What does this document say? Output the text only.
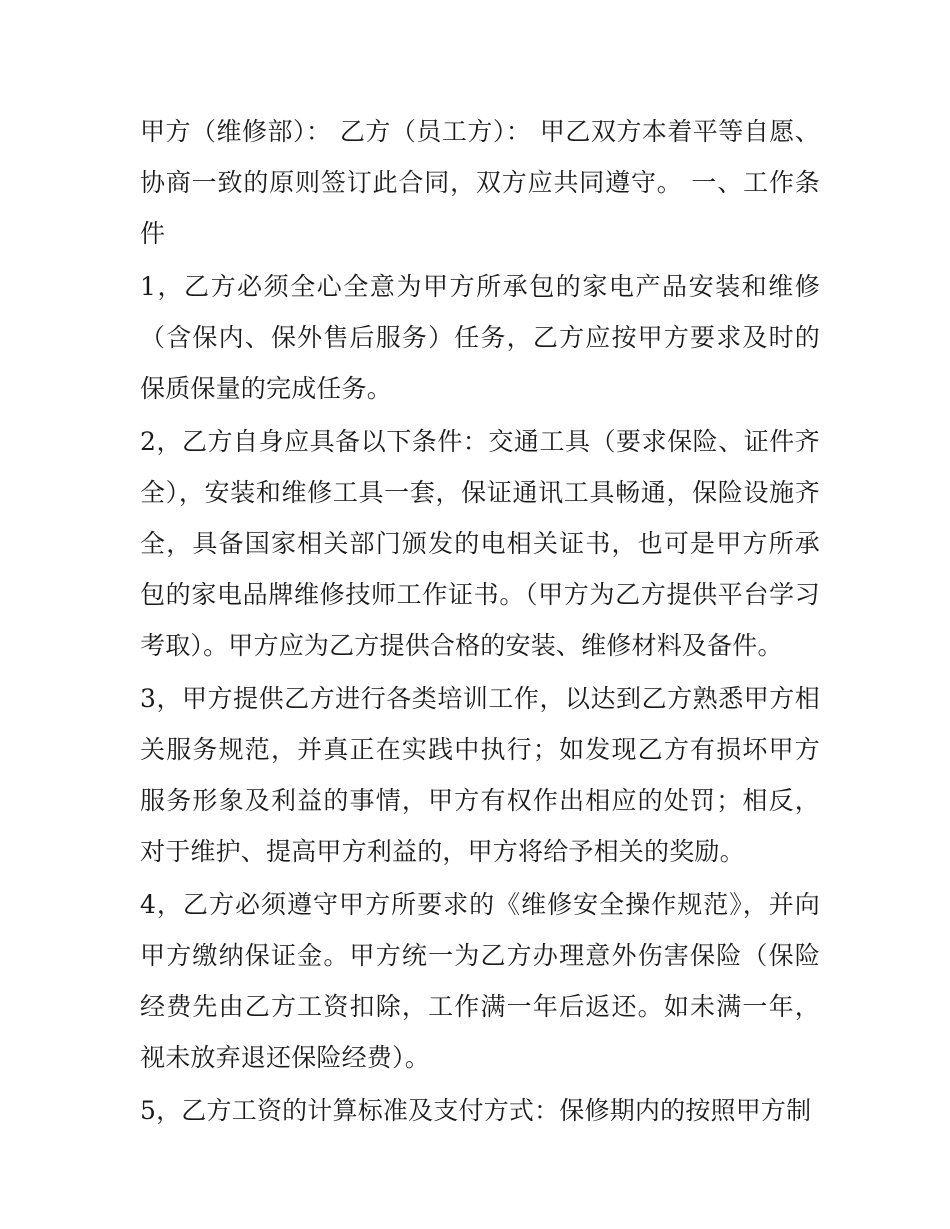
甲方（维修部）： 乙方（员工方）： 甲乙双方本着平等自愿、协商一致的原则签订此合同，双方应共同遵守。 一、工作条件

1，乙方必须全心全意为甲方所承包的家电产品安装和维修（含保内、保外售后服务）任务，乙方应按甲方要求及时的保质保量的完成任务。

2，乙方自身应具备以下条件：交通工具（要求保险、证件齐全），安装和维修工具一套，保证通讯工具畅通，保险设施齐全，具备国家相关部门颁发的电相关证书，也可是甲方所承包的家电品牌维修技师工作证书。（甲方为乙方提供平台学习考取）。甲方应为乙方提供合格的安装、维修材料及备件。

3，甲方提供乙方进行各类培训工作，以达到乙方熟悉甲方相关服务规范，并真正在实践中执行；如发现乙方有损坏甲方服务形象及利益的事情，甲方有权作出相应的处罚；相反，对于维护、提高甲方利益的，甲方将给予相关的奖励。

4，乙方必须遵守甲方所要求的《维修安全操作规范》，并向甲方缴纳保证金。甲方统一为乙方办理意外伤害保险（保险经费先由乙方工资扣除，工作满一年后返还。如未满一年，视未放弃退还保险经费）。

5，乙方工资的计算标准及支付方式：保修期内的按照甲方制
